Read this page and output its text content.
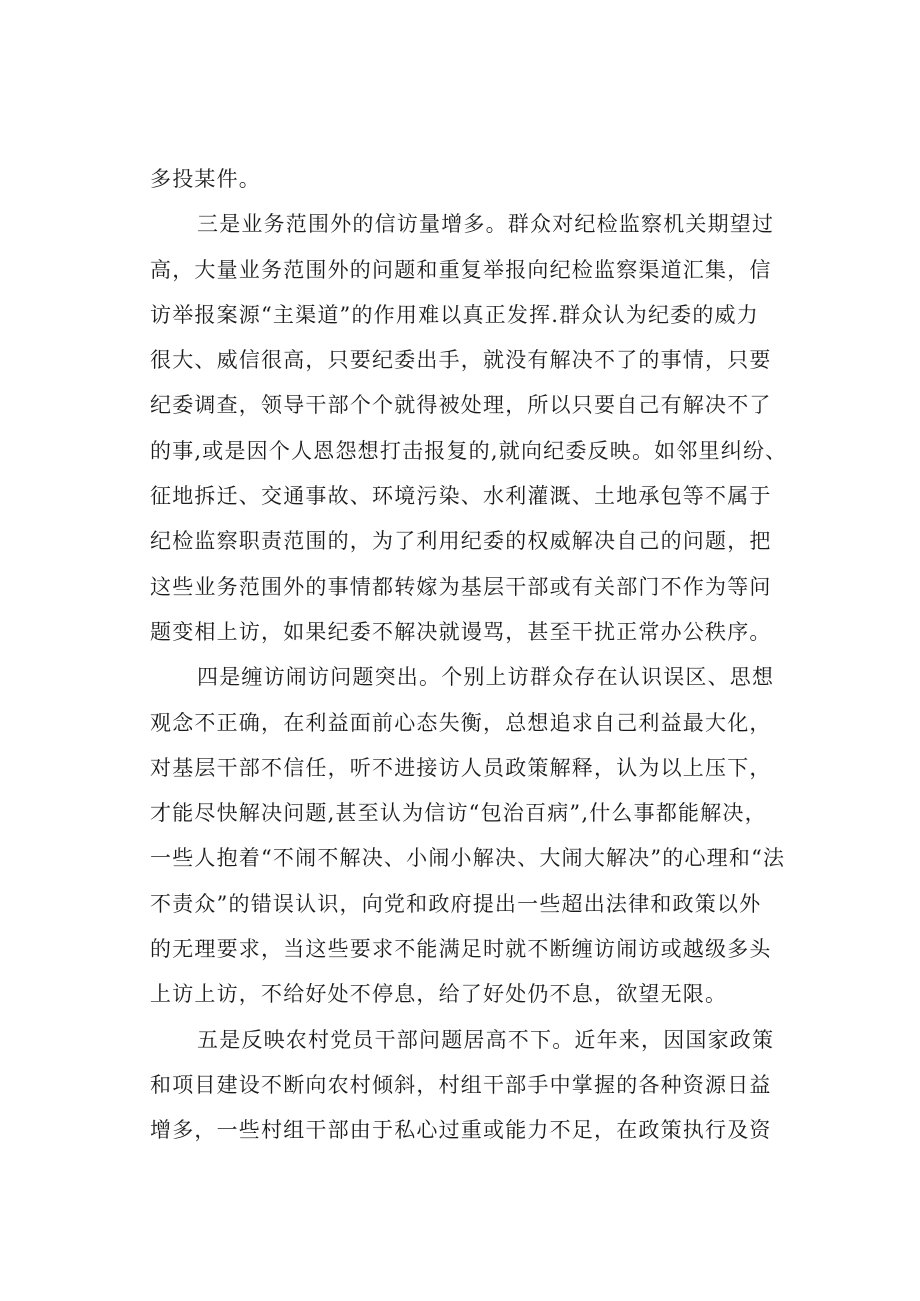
多投某件。
三是业务范围外的信访量增多。群众对纪检监察机关期望过
高，大量业务范围外的问题和重复举报向纪检监察渠道汇集，信
访举报案源“主渠道”的作用难以真正发挥.群众认为纪委的威力
很大、威信很高，只要纪委出手，就没有解决不了的事情，只要
纪委调查，领导干部个个就得被处理，所以只要自己有解决不了
的事,或是因个人恩怨想打击报复的,就向纪委反映。如邻里纠纷、
征地拆迁、交通事故、环境污染、水利灌溉、土地承包等不属于
纪检监察职责范围的，为了利用纪委的权威解决自己的问题，把
这些业务范围外的事情都转嫁为基层干部或有关部门不作为等问
题变相上访，如果纪委不解决就谩骂，甚至干扰正常办公秩序。
四是缠访闹访问题突出。个别上访群众存在认识误区、思想
观念不正确，在利益面前心态失衡，总想追求自己利益最大化，
对基层干部不信任，听不进接访人员政策解释，认为以上压下，
才能尽快解决问题,甚至认为信访“包治百病”,什么事都能解决，
一些人抱着“不闹不解决、小闹小解决、大闹大解决”的心理和“法
不责众”的错误认识，向党和政府提出一些超出法律和政策以外
的无理要求，当这些要求不能满足时就不断缠访闹访或越级多头
上访上访，不给好处不停息，给了好处仍不息，欲望无限。
五是反映农村党员干部问题居高不下。近年来，因国家政策
和项目建设不断向农村倾斜，村组干部手中掌握的各种资源日益
增多，一些村组干部由于私心过重或能力不足，在政策执行及资
